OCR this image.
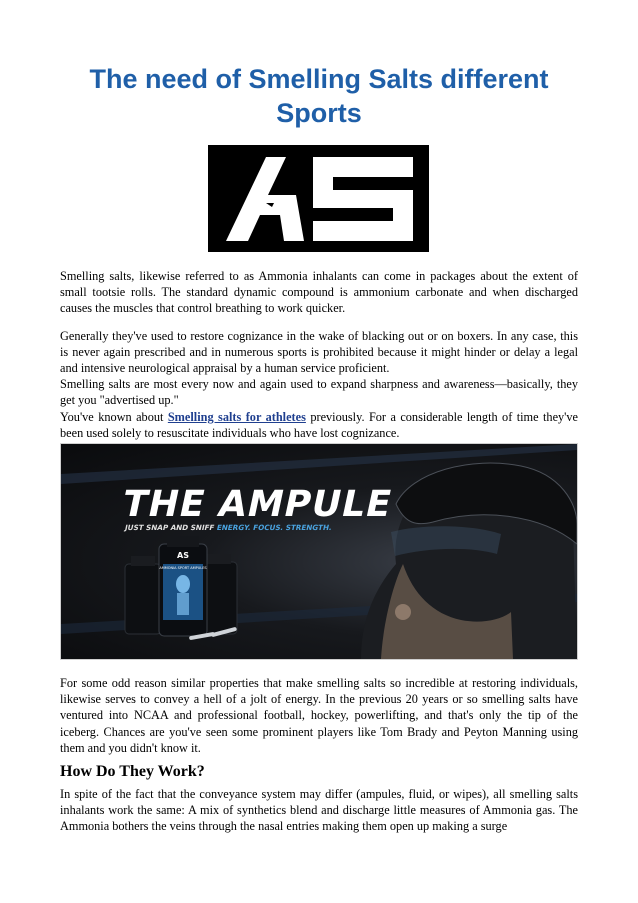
The need of Smelling Salts different Sports

Smelling salts, likewise referred to as Ammonia inhalants can come in packages about the extent of small tootsie rolls. The standard dynamic compound is ammonium carbonate and when discharged causes the muscles that control breathing to work quicker.

Generally they've used to restore cognizance in the wake of blacking out or on boxers. In any case, this is never again prescribed and in numerous sports is prohibited because it might hinder or delay a legal and intensive neurological appraisal by a human service proficient.

Smelling salts are most every now and again used to expand sharpness and awareness—basically, they get you "advertised up."

You've known about Smelling salts for athletes previously. For a considerable length of time they've been used solely to resuscitate individuals who have lost cognizance.

AS
AMMONIA SPORT AMPULES
THE AMPULE
JUST SNAP AND SNIFF ENERGY. FOCUS. STRENGTH.

For some odd reason similar properties that make smelling salts so incredible at restoring individuals, likewise serves to convey a hell of a jolt of energy. In the previous 20 years or so smelling salts have ventured into NCAA and professional football, hockey, powerlifting, and that's only the tip of the iceberg. Chances are you've seen some prominent players like Tom Brady and Peyton Manning using them and you didn't know it.

How Do They Work?

In spite of the fact that the conveyance system may differ (ampules, fluid, or wipes), all smelling salts inhalants work the same: A mix of synthetics blend and discharge little measures of Ammonia gas. The Ammonia bothers the veins through the nasal entries making them open up making a surge
